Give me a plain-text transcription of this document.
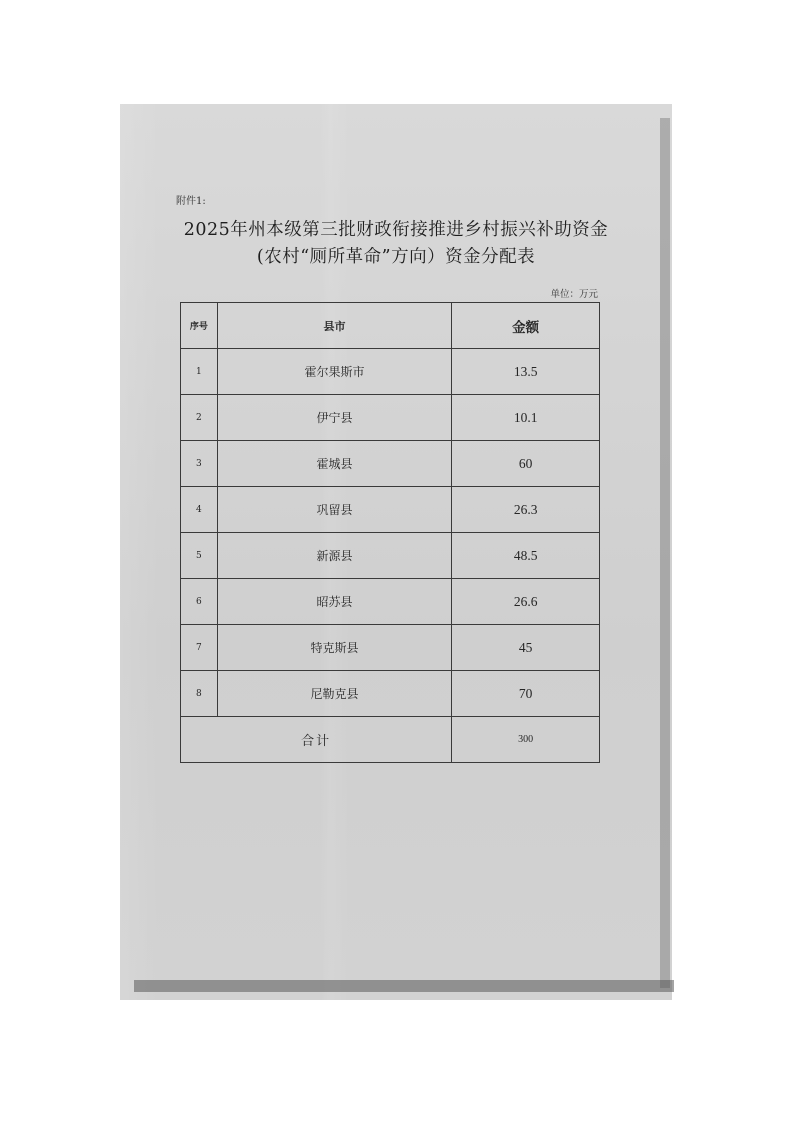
附件1:
2025年州本级第三批财政衔接推进乡村振兴补助资金
(农村“厕所革命”方向）资金分配表
单位：万元
序号	县市	金额
1	霍尔果斯市	13.5
2	伊宁县	10.1
3	霍城县	60
4	巩留县	26.3
5	新源县	48.5
6	昭苏县	26.6
7	特克斯县	45
8	尼勒克县	70
合计		300
